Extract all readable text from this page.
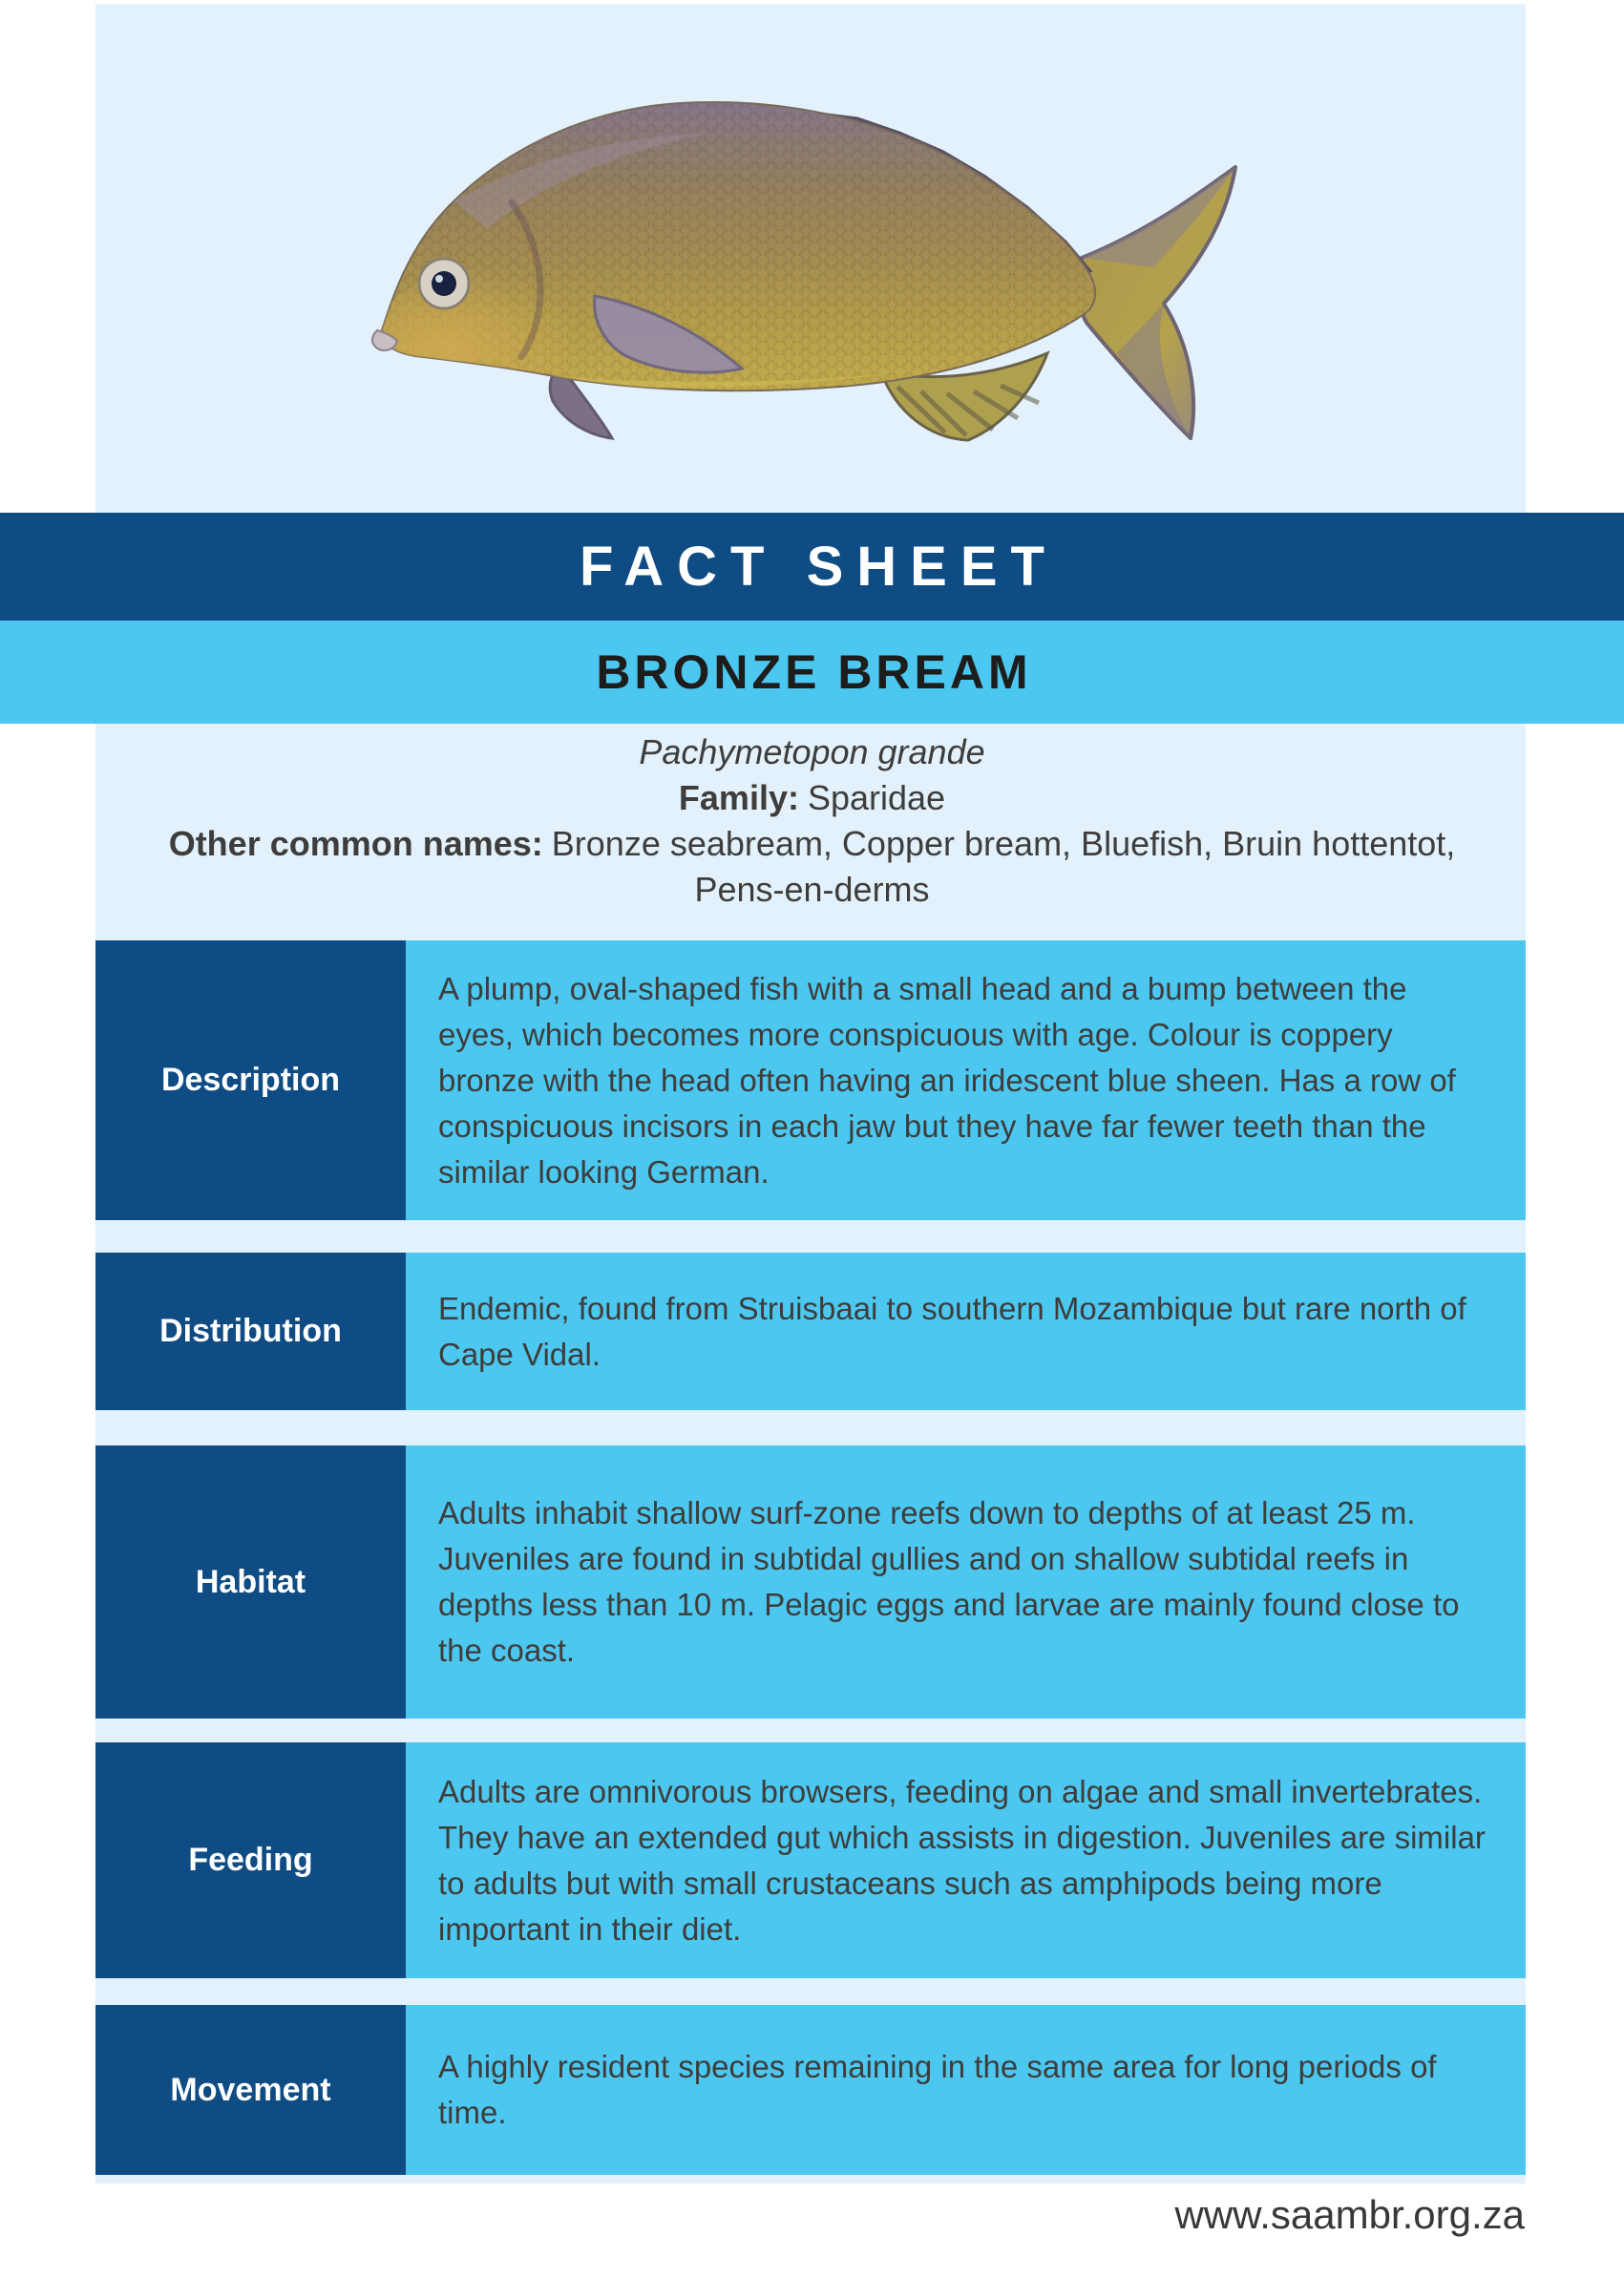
FACT SHEET
BRONZE BREAM
Pachymetopon grande
Family: Sparidae
Other common names: Bronze seabream, Copper bream, Bluefish, Bruin hottentot,
Pens-en-derms
Description
A plump, oval-shaped fish with a small head and a bump between the eyes, which becomes more conspicuous with age. Colour is coppery bronze with the head often having an iridescent blue sheen. Has a row of conspicuous incisors in each jaw but they have far fewer teeth than the similar looking German.
Distribution
Endemic, found from Struisbaai to southern Mozambique but rare north of Cape Vidal.
Habitat
Adults inhabit shallow surf-zone reefs down to depths of at least 25 m. Juveniles are found in subtidal gullies and on shallow subtidal reefs in depths less than 10 m. Pelagic eggs and larvae are mainly found close to the coast.
Feeding
Adults are omnivorous browsers, feeding on algae and small invertebrates. They have an extended gut which assists in digestion. Juveniles are similar to adults but with small crustaceans such as amphipods being more important in their diet.
Movement
A highly resident species remaining in the same area for long periods of time.
www.saambr.org.za
